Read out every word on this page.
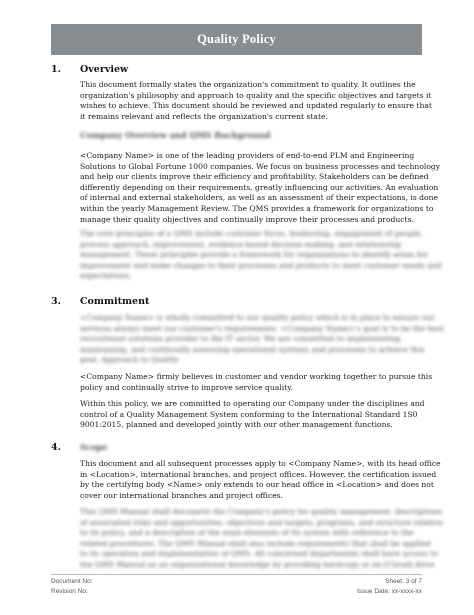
Quality Policy
1. Overview
This document formally states the organization's commitment to quality. It outlines the
organization's philosophy and approach to quality and the specific objectives and targets it
wishes to achieve. This document should be reviewed and updated regularly to ensure that
it remains relevant and reflects the organization's current state.
Company Overview and QMS Background
<Company Name> is one of the leading providers of end-to-end PLM and Engineering
Solutions to Global Fortune 1000 companies. We focus on business processes and technology
and help our clients improve their efficiency and profitability. Stakeholders can be defined
differently depending on their requirements, greatly influencing our activities. An evaluation
of internal and external stakeholders, as well as an assessment of their expectations, is done
within the yearly Management Review. The QMS provides a framework for organizations to
manage their quality objectives and continually improve their processes and products.
The core principles of a QMS include customer focus, leadership, engagement of people,
process approach, improvement, evidence-based decision-making, and relationship
management. These principles provide a framework for organizations to identify areas for
improvement and make changes to their processes and products to meet customer needs and
expectations.
3. Commitment
<Company Name> is wholly committed to our quality policy which is in place to ensure our
services always meet our customer's requirements. <Company Name>'s goal is to be the best
recruitment solutions provider to the IT sector. We are committed to implementing,
maintaining, and continually assessing operational systems and processes to achieve this
goal. Approach to Quality
<Company Name> firmly believes in customer and vendor working together to pursue this
policy and continually strive to improve service quality.
Within this policy, we are committed to operating our Company under the disciplines and
control of a Quality Management System conforming to the International Standard 1S0
9001:2015, planned and developed jointly with our other management functions.
4. Scope
This document and all subsequent processes apply to <Company Name>, with its head office
in <Location>, international branches, and project offices. However, the certification issued
by the certifying body <Name> only extends to our head office in <Location> and does not
cover our international branches and project offices.
This QMS Manual shall document the Company's policy for quality management, descriptions
of associated risks and opportunities, objectives and targets, programs, and structure relative
to its policy, and a description of the main elements of its system with reference to the
related procedures. The QMS Manual shall also include requirements that shall be applied
to its operation and implementation of QMS. All concerned departments shall have access to
the QMS Manual as an organizational knowledge by providing hardcopy or on [Cloud] drive
Document No:
Revision No:
Sheet: 3 of 7
Issue Date: xx-xxxx-xx
